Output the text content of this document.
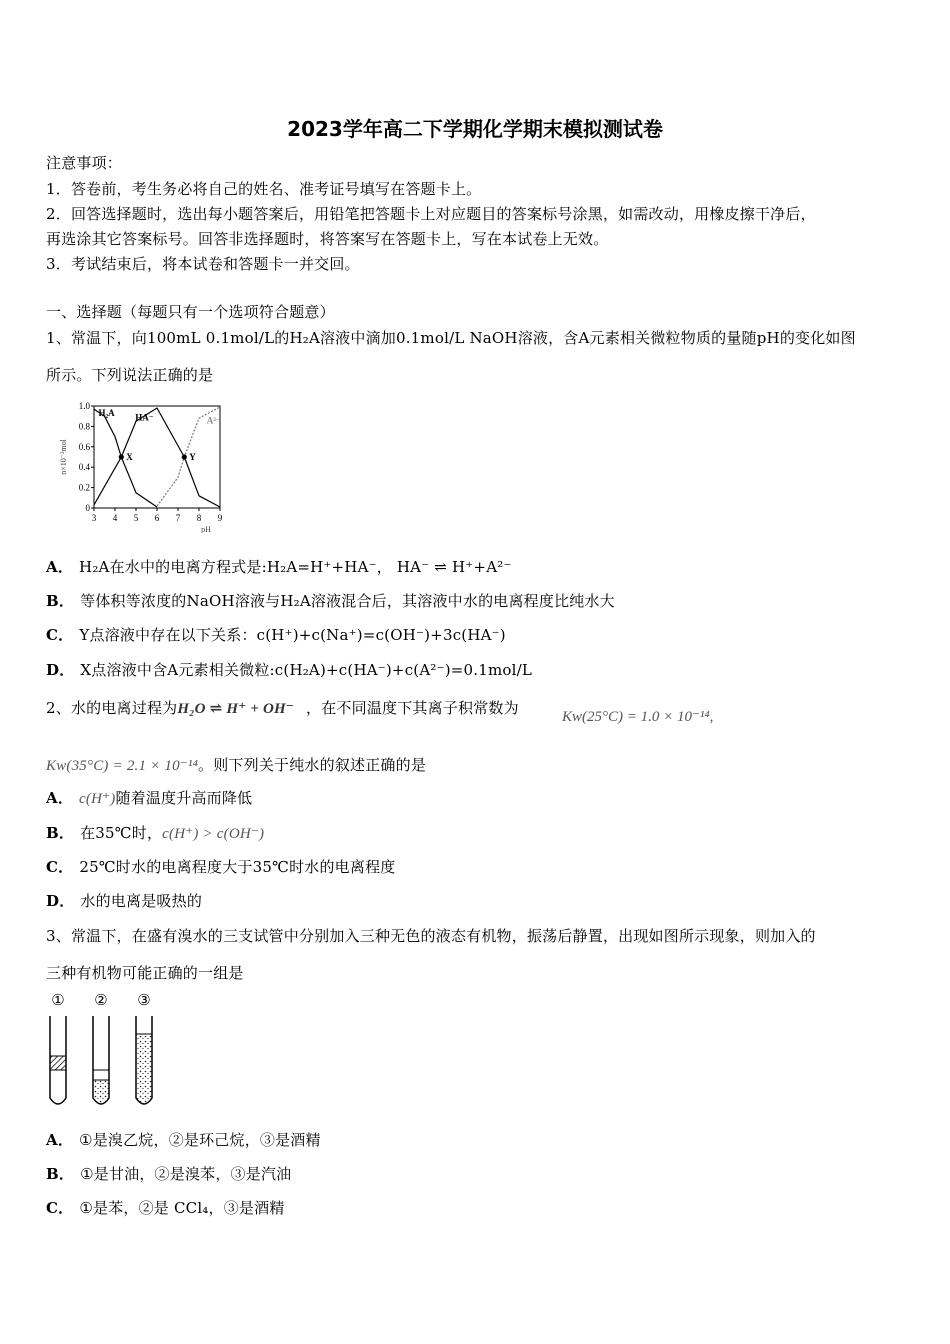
2023学年高二下学期化学期末模拟测试卷
注意事项：
1．答卷前，考生务必将自己的姓名、准考证号填写在答题卡上。
2．回答选择题时，选出每小题答案后，用铅笔把答题卡上对应题目的答案标号涂黑，如需改动，用橡皮擦干净后，
再选涂其它答案标号。回答非选择题时，将答案写在答题卡上，写在本试卷上无效。
3．考试结束后，将本试卷和答题卡一并交回。
一、选择题（每题只有一个选项符合题意）
1、常温下，向100mL 0.1mol/L的H₂A溶液中滴加0.1mol/L NaOH溶液，含A元素相关微粒物质的量随pH的变化如图
所示。下列说法正确的是
0
0.2
0.4
0.6
0.8
1.0
3 4 5 6 7 8 9
pH
n×10⁻²mol
H₂A HA⁻	A²⁻
X	Y
A． H₂A在水中的电离方程式是:H₂A=H⁺+HA⁻， HA⁻ ⇌ H⁺+A²⁻
B． 等体积等浓度的NaOH溶液与H₂A溶液混合后，其溶液中水的电离程度比纯水大
C． Y点溶液中存在以下关系：c(H⁺)+c(Na⁺)=c(OH⁻)+3c(HA⁻)
D． X点溶液中含A元素相关微粒:c(H₂A)+c(HA⁻)+c(A²⁻)=0.1mol/L
2、水的电离过程为H₂O ⇌ H⁺ + OH⁻ ，在不同温度下其离子积常数为	Kw(25°C) = 1.0 × 10⁻¹⁴,
Kw(35°C) = 2.1 × 10⁻¹⁴。则下列关于纯水的叙述正确的是
A． c(H⁺)随着温度升高而降低
B． 在35℃时，c(H⁺) > c(OH⁻)
C． 25℃时水的电离程度大于35℃时水的电离程度
D． 水的电离是吸热的
3、常温下，在盛有溴水的三支试管中分别加入三种无色的液态有机物，振荡后静置，出现如图所示现象，则加入的
三种有机物可能正确的一组是
① ② ③
A． ①是溴乙烷，②是环己烷，③是酒精
B． ①是甘油，②是溴苯，③是汽油
C． ①是苯，②是 CCl₄，③是酒精
